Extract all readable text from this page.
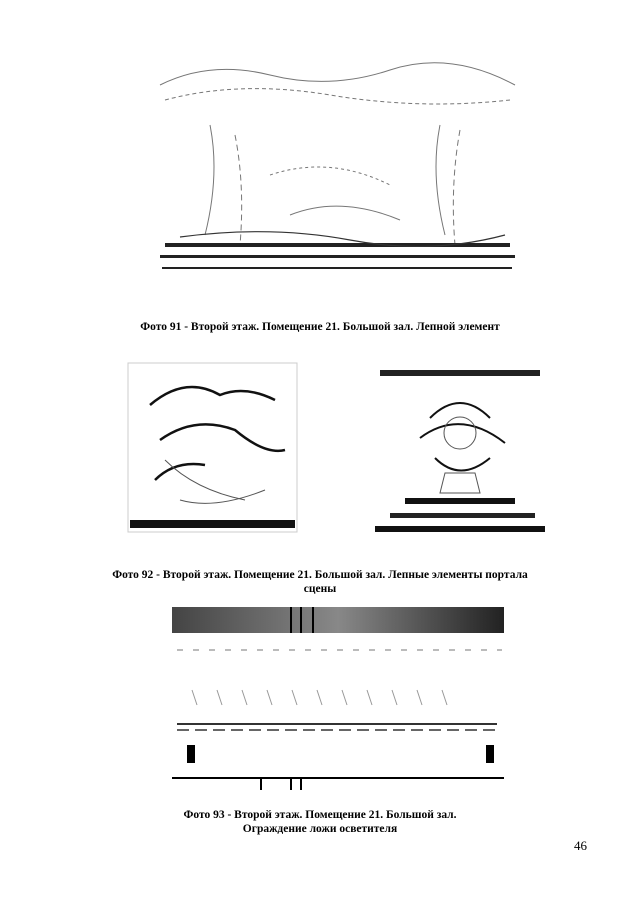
Фото 91 - Второй этаж. Помещение 21. Большой зал. Лепной элемент
Фото 92 - Второй этаж. Помещение 21. Большой зал. Лепные элементы портала
сцены
Фото 93 - Второй этаж. Помещение 21. Большой зал.
Ограждение ложи осветителя
46
